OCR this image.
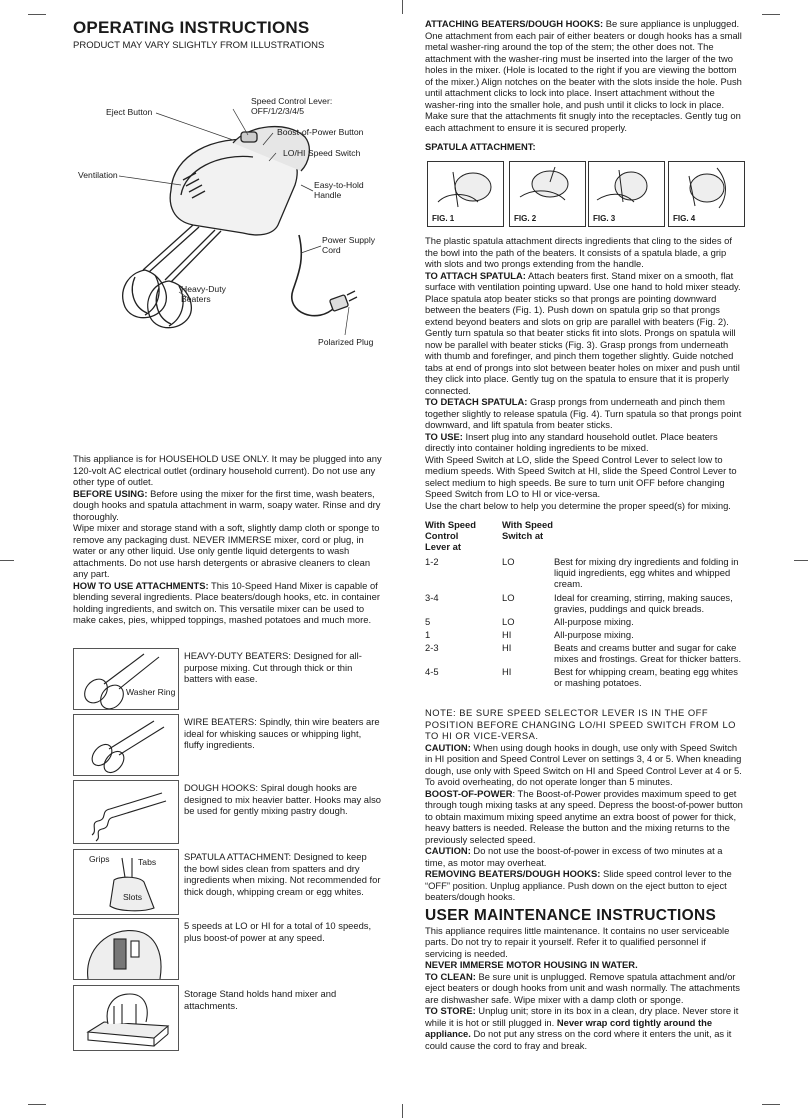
OPERATING INSTRUCTIONS
PRODUCT MAY VARY SLIGHTLY FROM ILLUSTRATIONS
Eject Button
Speed Control Lever:
OFF/1/2/3/4/5
Boost-of-Power Button
LO/HI Speed Switch
Ventilation
Easy-to-Hold
Handle
Power Supply
Cord
Heavy-Duty
Beaters
Polarized Plug

This appliance is for HOUSEHOLD USE ONLY. It may be plugged into any 120-volt AC electrical outlet (ordinary household current). Do not use any other type of outlet.

BEFORE USING: Before using the mixer for the first time, wash beaters, dough hooks and spatula attachment in warm, soapy water. Rinse and dry thoroughly.

Wipe mixer and storage stand with a soft, slightly damp cloth or sponge to remove any packaging dust. NEVER IMMERSE mixer, cord or plug, in water or any other liquid. Use only gentle liquid detergents to wash attachments. Do not use harsh detergents or abrasive cleaners to clean any part.

HOW TO USE ATTACHMENTS: This 10-Speed Hand Mixer is capable of blending several ingredients. Place beaters/dough hooks, etc. in container holding ingredients, and switch on. This versatile mixer can be used to make cakes, pies, whipped toppings, mashed potatoes and much more.

Washer Ring
HEAVY-DUTY BEATERS: Designed for all-purpose mixing. Cut through thick or thin batters with ease.
WIRE BEATERS: Spindly, thin wire beaters are ideal for whisking sauces or whipping light, fluffy ingredients.
DOUGH HOOKS: Spiral dough hooks are designed to mix heavier batter. Hooks may also be used for gently mixing pastry dough.
Grips	Tabs
Slots
SPATULA ATTACHMENT: Designed to keep the bowl sides clean from spatters and dry ingredients when mixing. Not recommended for thick dough, whipping cream or egg whites.
5 speeds at LO or HI for a total of 10 speeds, plus boost-of power at any speed.
Storage Stand holds hand mixer and attachments.

ATTACHING BEATERS/DOUGH HOOKS: Be sure appliance is unplugged. One attachment from each pair of either beaters or dough hooks has a small metal washer-ring around the top of the stem; the other does not. The attachment with the washer-ring must be inserted into the larger of the two holes in the mixer. (Hole is located to the right if you are viewing the bottom of the mixer.) Align notches on the beater with the slots inside the hole. Push until attachment clicks to lock into place. Insert attachment without the washer-ring into the smaller hole, and push until it clicks to lock in place. Make sure that the attachments fit snugly into the receptacles. Gently tug on each attachment to ensure it is secured properly.

SPATULA ATTACHMENT:

FIG. 1	FIG. 2	FIG. 3	FIG. 4

The plastic spatula attachment directs ingredients that cling to the sides of the bowl into the path of the beaters. It consists of a spatula blade, a grip with slots and two prongs extending from the handle.

TO ATTACH SPATULA: Attach beaters first. Stand mixer on a smooth, flat surface with ventilation pointing upward. Use one hand to hold mixer steady. Place spatula atop beater sticks so that prongs are pointing downward between the beaters (Fig. 1). Push down on spatula grip so that prongs extend beyond beaters and slots on grip are parallel with beaters (Fig. 2). Gently turn spatula so that beater sticks fit into slots. Prongs on spatula will now be parallel with beater sticks (Fig. 3). Grasp prongs from underneath with thumb and forefinger, and pinch them together slightly. Guide notched tabs at end of prongs into slot between beater holes on mixer and push until they click into place. Gently tug on the spatula to ensure that it is properly connected.

TO DETACH SPATULA: Grasp prongs from underneath and pinch them together slightly to release spatula (Fig. 4). Turn spatula so that prongs point downward, and lift spatula from beater sticks.

TO USE: Insert plug into any standard household outlet. Place beaters directly into container holding ingredients to be mixed.

With Speed Switch at LO, slide the Speed Control Lever to select low to medium speeds. With Speed Switch at HI, slide the Speed Control Lever to select medium to high speeds. Be sure to turn unit OFF before changing Speed Switch from LO to HI or vice-versa.

Use the chart below to help you determine the proper speed(s) for mixing.

With Speed
Control
Lever at
With Speed
Switch at
1-2	LO	Best for mixing dry ingredients and folding in liquid ingredients, egg whites and whipped cream.
3-4	LO	Ideal for creaming, stirring, making sauces, gravies, puddings and quick breads.
5	LO	All-purpose mixing.
1	HI	All-purpose mixing.
2-3	HI	Beats and creams butter and sugar for cake mixes and frostings. Great for thicker batters.
4-5	HI	Best for whipping cream, beating egg whites or mashing potatoes.

NOTE: BE SURE SPEED SELECTOR LEVER IS IN THE OFF POSITION BEFORE CHANGING LO/HI SPEED SWITCH FROM LO TO HI OR VICE-VERSA.

CAUTION: When using dough hooks in dough, use only with Speed Switch in HI position and Speed Control Lever on settings 3, 4 or 5. When kneading dough, use only with Speed Switch on HI and Speed Control Lever at 4 or 5. To avoid overheating, do not operate longer than 5 minutes.

BOOST-OF-POWER: The Boost-of-Power provides maximum speed to get through tough mixing tasks at any speed. Depress the boost-of-power button to obtain maximum mixing speed anytime an extra boost of power for thick, heavy batters is needed. Release the button and the mixing returns to the previously selected speed.

CAUTION: Do not use the boost-of-power in excess of two minutes at a time, as motor may overheat.

REMOVING BEATERS/DOUGH HOOKS: Slide speed control lever to the “OFF” position. Unplug appliance. Push down on the eject button to eject beaters/dough hooks.

USER MAINTENANCE INSTRUCTIONS

This appliance requires little maintenance. It contains no user serviceable parts. Do not try to repair it yourself. Refer it to qualified personnel if servicing is needed.

NEVER IMMERSE MOTOR HOUSING IN WATER.

TO CLEAN: Be sure unit is unplugged. Remove spatula attachment and/or eject beaters or dough hooks from unit and wash normally. The attachments are dishwasher safe. Wipe mixer with a damp cloth or sponge.

TO STORE: Unplug unit; store in its box in a clean, dry place. Never store it while it is hot or still plugged in. Never wrap cord tightly around the appliance. Do not put any stress on the cord where it enters the unit, as it could cause the cord to fray and break.
